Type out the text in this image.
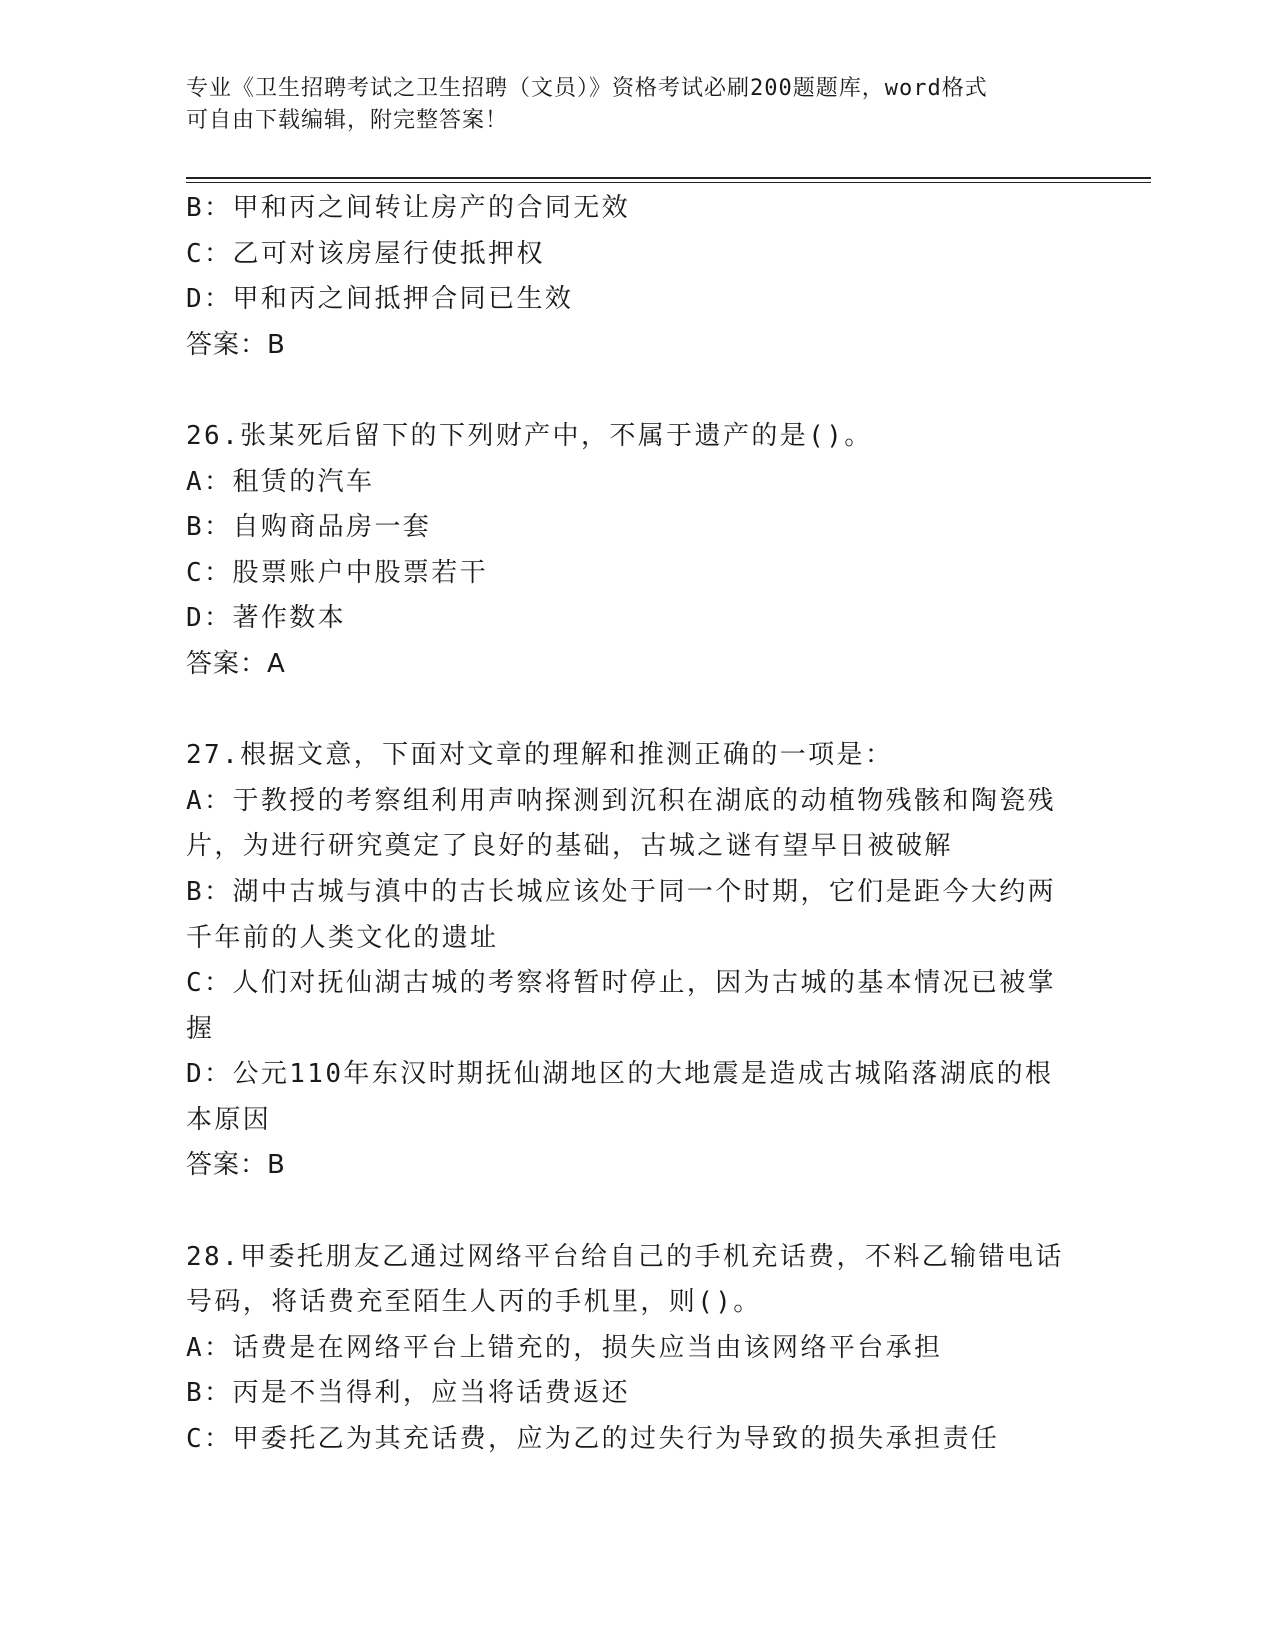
专业《卫生招聘考试之卫生招聘（文员）》资格考试必刷200题题库，word格式
可自由下载编辑，附完整答案！
B：甲和丙之间转让房产的合同无效
C：乙可对该房屋行使抵押权
D：甲和丙之间抵押合同已生效
答案：B
26.张某死后留下的下列财产中，不属于遗产的是()。
A：租赁的汽车
B：自购商品房一套
C：股票账户中股票若干
D：著作数本
答案：A
27.根据文意，下面对文章的理解和推测正确的一项是：
A：于教授的考察组利用声呐探测到沉积在湖底的动植物残骸和陶瓷残
片，为进行研究奠定了良好的基础，古城之谜有望早日被破解
B：湖中古城与滇中的古长城应该处于同一个时期，它们是距今大约两
千年前的人类文化的遗址
C：人们对抚仙湖古城的考察将暂时停止，因为古城的基本情况已被掌
握
D：公元110年东汉时期抚仙湖地区的大地震是造成古城陷落湖底的根
本原因
答案：B
28.甲委托朋友乙通过网络平台给自己的手机充话费，不料乙输错电话
号码，将话费充至陌生人丙的手机里，则()。
A：话费是在网络平台上错充的，损失应当由该网络平台承担
B：丙是不当得利，应当将话费返还
C：甲委托乙为其充话费，应为乙的过失行为导致的损失承担责任
